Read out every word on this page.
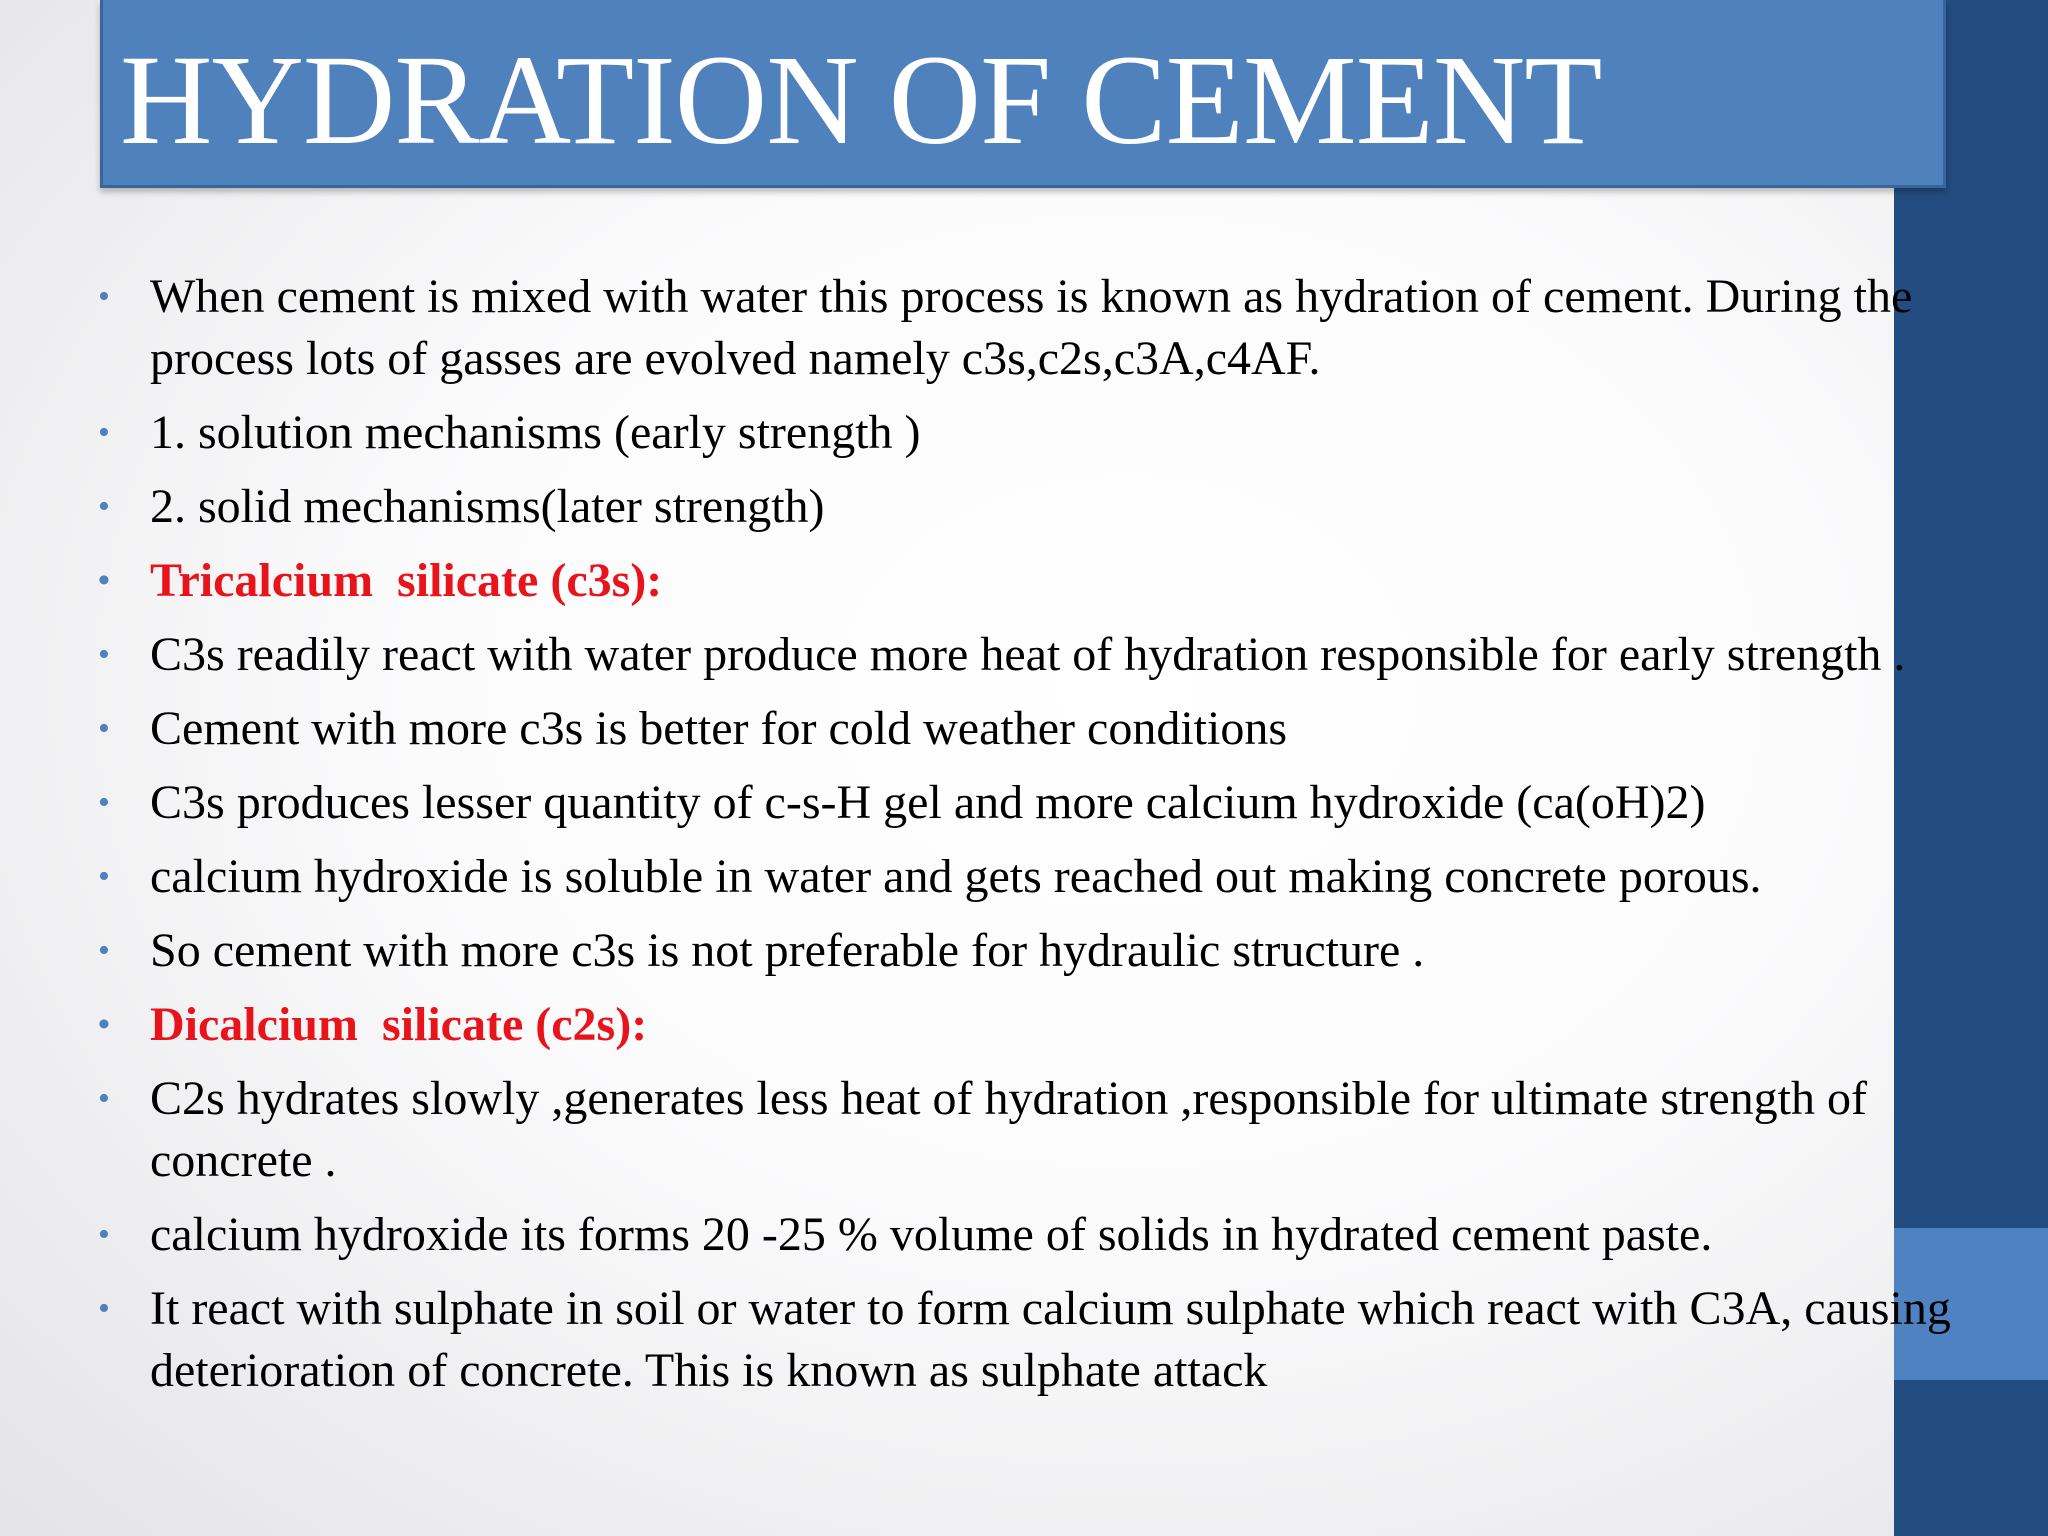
HYDRATION OF CEMENT
• When cement is mixed with water this process is known as hydration of cement. During the process lots of gasses are evolved namely c3s,c2s,c3A,c4AF.
• 1. solution mechanisms (early strength )
• 2. solid mechanisms(later strength)
• Tricalcium  silicate (c3s):
• C3s readily react with water produce more heat of hydration responsible for early strength .
• Cement with more c3s is better for cold weather conditions
• C3s produces lesser quantity of c-s-H gel and more calcium hydroxide (ca(oH)2)
• calcium hydroxide is soluble in water and gets reached out making concrete porous.
• So cement with more c3s is not preferable for hydraulic structure .
• Dicalcium  silicate (c2s):
• C2s hydrates slowly ,generates less heat of hydration ,responsible for ultimate strength of concrete .
• calcium hydroxide its forms 20 -25 % volume of solids in hydrated cement paste.
• It react with sulphate in soil or water to form calcium sulphate which react with C3A, causing deterioration of concrete. This is known as sulphate attack
